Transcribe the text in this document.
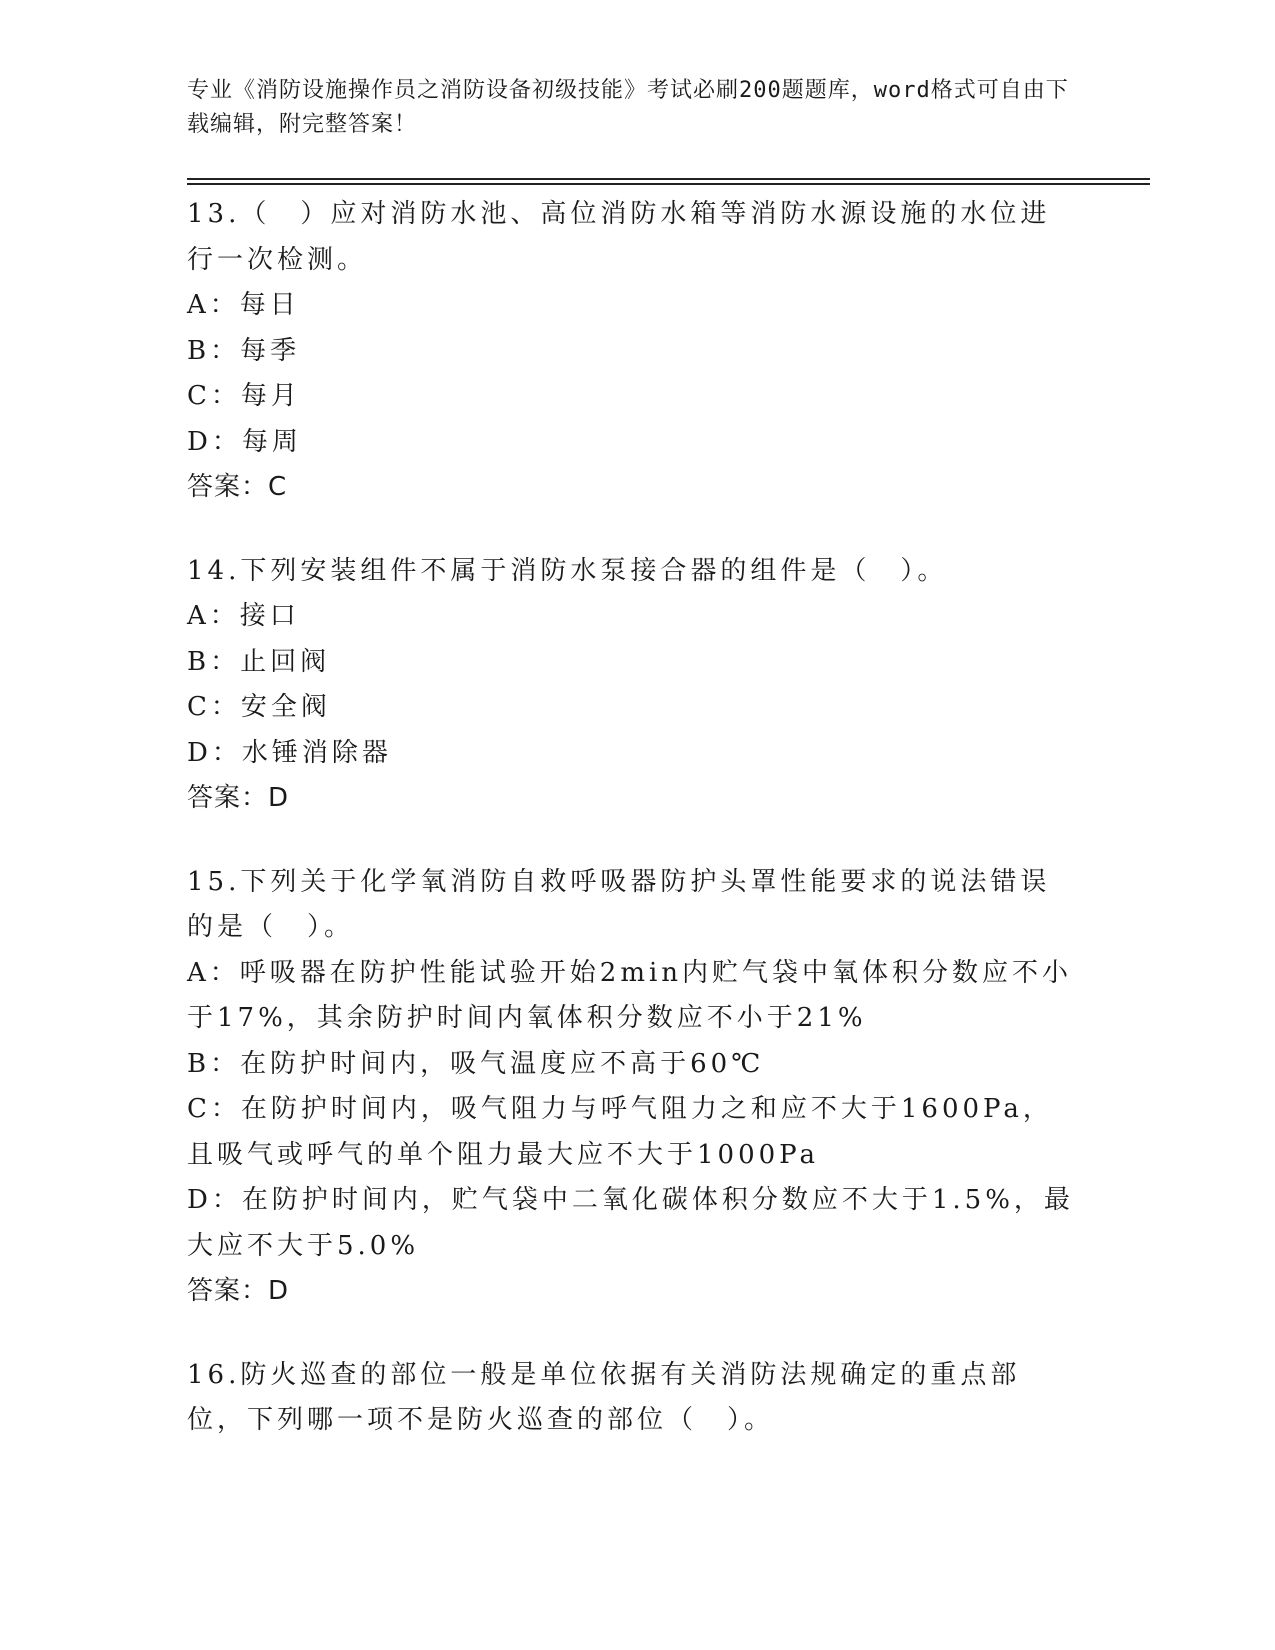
专业《消防设施操作员之消防设备初级技能》考试必刷200题题库，word格式可自由下载编辑，附完整答案！

13.（　）应对消防水池、高位消防水箱等消防水源设施的水位进行一次检测。

A：每日

B：每季

C：每月

D：每周

答案：C

14.下列安装组件不属于消防水泵接合器的组件是（　）。

A：接口

B：止回阀

C：安全阀

D：水锤消除器

答案：D

15.下列关于化学氧消防自救呼吸器防护头罩性能要求的说法错误的是（　）。

A：呼吸器在防护性能试验开始2min内贮气袋中氧体积分数应不小于17%，其余防护时间内氧体积分数应不小于21%

B：在防护时间内，吸气温度应不高于60℃

C：在防护时间内，吸气阻力与呼气阻力之和应不大于1600Pa，且吸气或呼气的单个阻力最大应不大于1000Pa

D：在防护时间内，贮气袋中二氧化碳体积分数应不大于1.5%，最大应不大于5.0%

答案：D

16.防火巡查的部位一般是单位依据有关消防法规确定的重点部位，下列哪一项不是防火巡查的部位（　）。
